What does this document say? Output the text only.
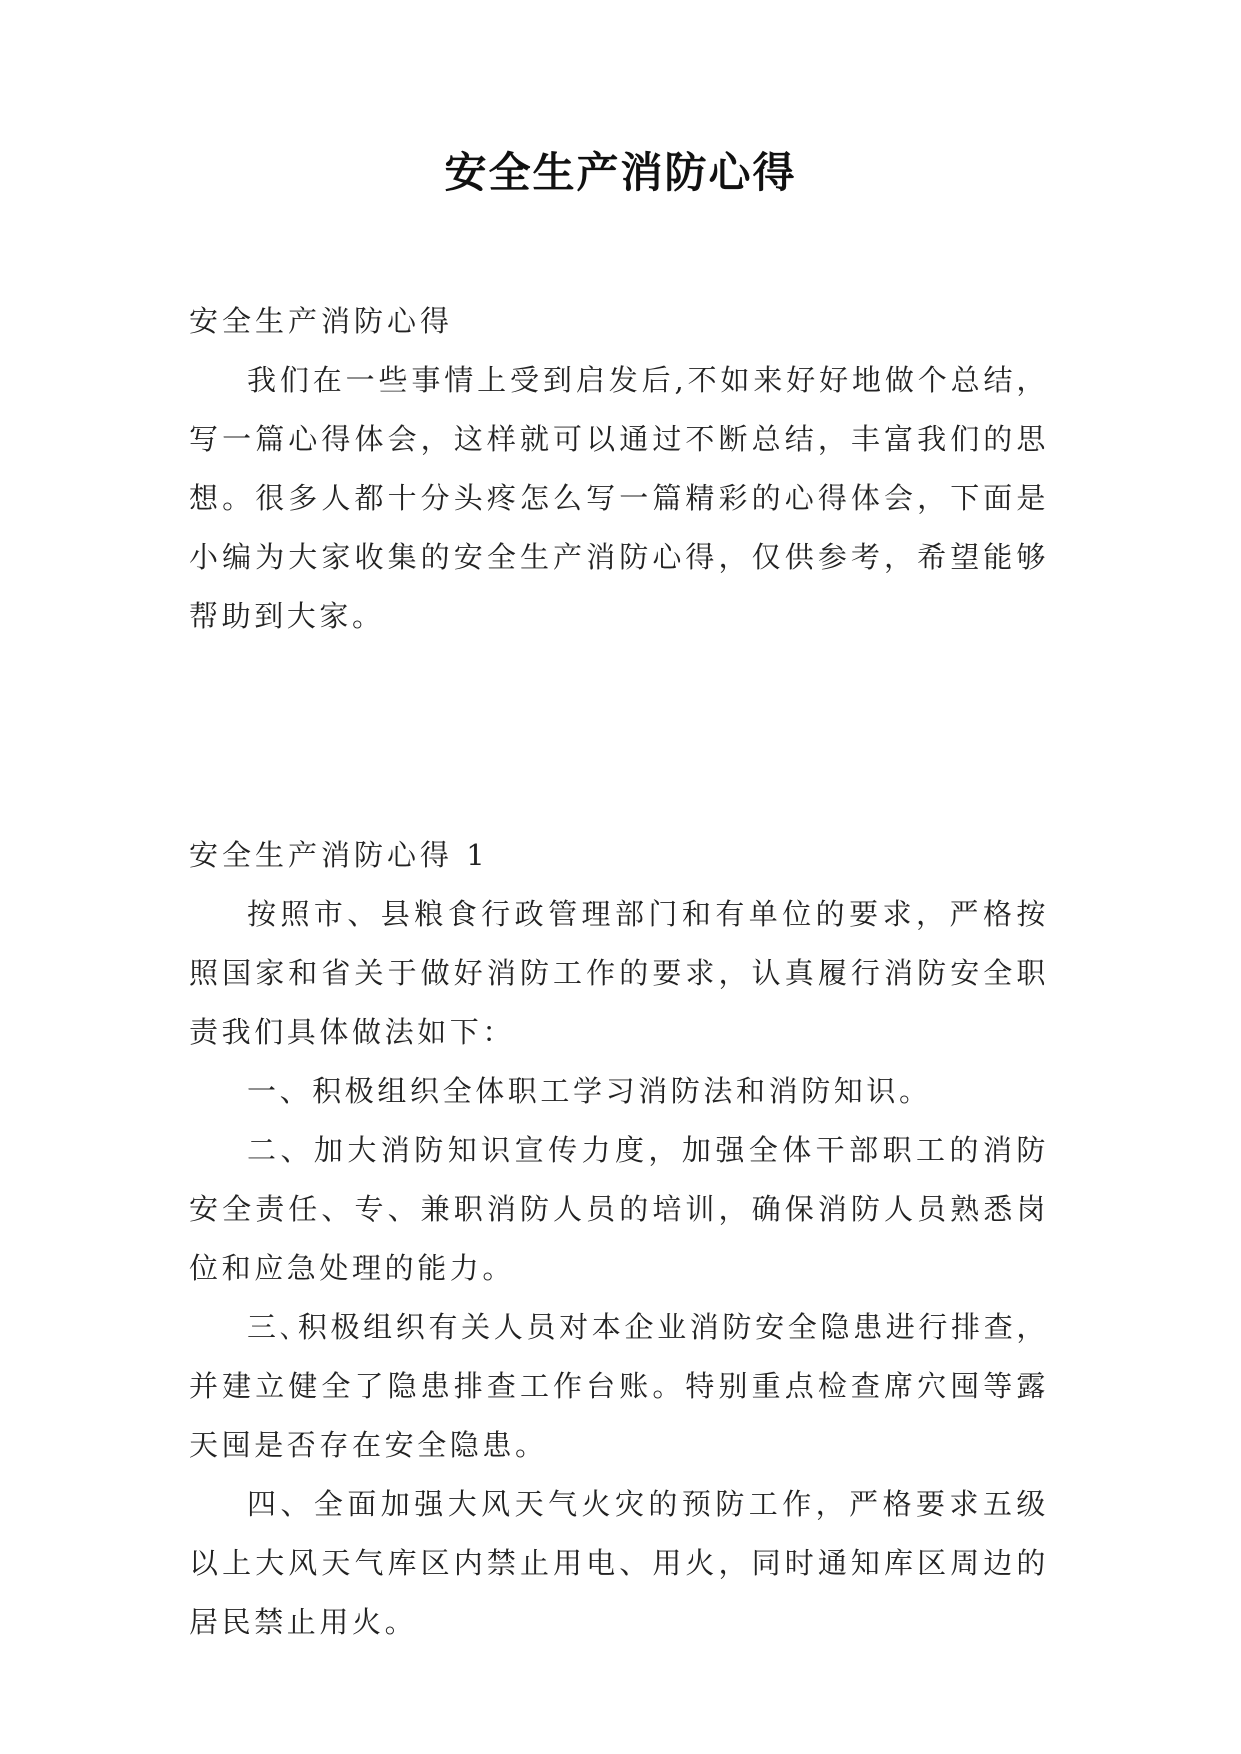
安全生产消防心得

安全生产消防心得

我们在一些事情上受到启发后,不如来好好地做个总结，写一篇心得体会，这样就可以通过不断总结，丰富我们的思想。很多人都十分头疼怎么写一篇精彩的心得体会，下面是小编为大家收集的安全生产消防心得，仅供参考，希望能够帮助到大家。

安全生产消防心得 1

按照市、县粮食行政管理部门和有单位的要求，严格按照国家和省关于做好消防工作的要求，认真履行消防安全职责我们具体做法如下：

一、积极组织全体职工学习消防法和消防知识。

二、加大消防知识宣传力度，加强全体干部职工的消防安全责任、专、兼职消防人员的培训，确保消防人员熟悉岗位和应急处理的能力。

三､积极组织有关人员对本企业消防安全隐患进行排查，并建立健全了隐患排查工作台账。特别重点检查席穴囤等露天囤是否存在安全隐患。

四、全面加强大风天气火灾的预防工作，严格要求五级以上大风天气库区内禁止用电、用火，同时通知库区周边的居民禁止用火。
